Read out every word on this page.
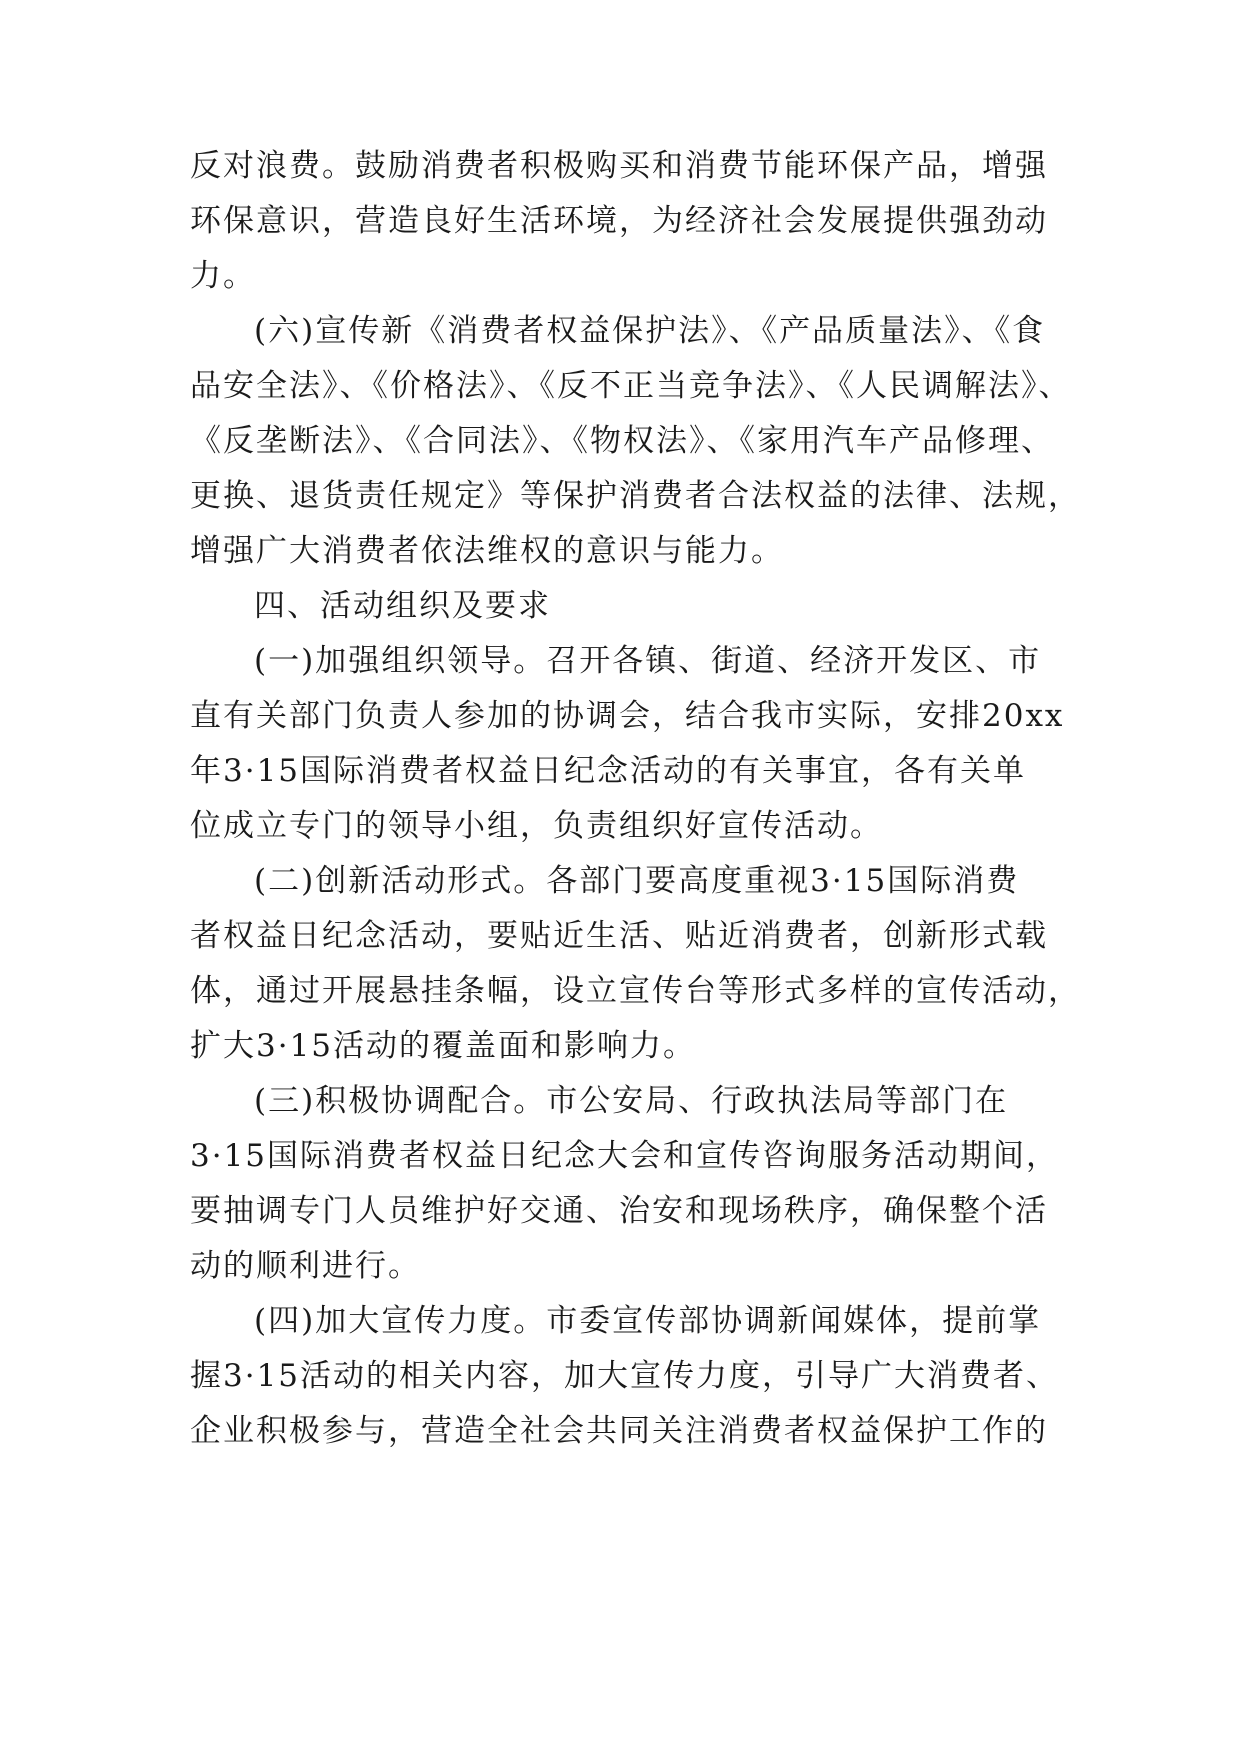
反对浪费。鼓励消费者积极购买和消费节能环保产品，增强
环保意识，营造良好生活环境，为经济社会发展提供强劲动
力。
(六)宣传新《消费者权益保护法》、《产品质量法》、《食
品安全法》、《价格法》、《反不正当竞争法》、《人民调解法》、
《反垄断法》、《合同法》、《物权法》、《家用汽车产品修理、
更换、退货责任规定》等保护消费者合法权益的法律、法规，
增强广大消费者依法维权的意识与能力。
四、活动组织及要求
(一)加强组织领导。召开各镇、街道、经济开发区、市
直有关部门负责人参加的协调会，结合我市实际，安排20xx
年3·15国际消费者权益日纪念活动的有关事宜，各有关单
位成立专门的领导小组，负责组织好宣传活动。
(二)创新活动形式。各部门要高度重视3·15国际消费
者权益日纪念活动，要贴近生活、贴近消费者，创新形式载
体，通过开展悬挂条幅，设立宣传台等形式多样的宣传活动，
扩大3·15活动的覆盖面和影响力。
(三)积极协调配合。市公安局、行政执法局等部门在
3·15国际消费者权益日纪念大会和宣传咨询服务活动期间，
要抽调专门人员维护好交通、治安和现场秩序，确保整个活
动的顺利进行。
(四)加大宣传力度。市委宣传部协调新闻媒体，提前掌
握3·15活动的相关内容，加大宣传力度，引导广大消费者、
企业积极参与，营造全社会共同关注消费者权益保护工作的
